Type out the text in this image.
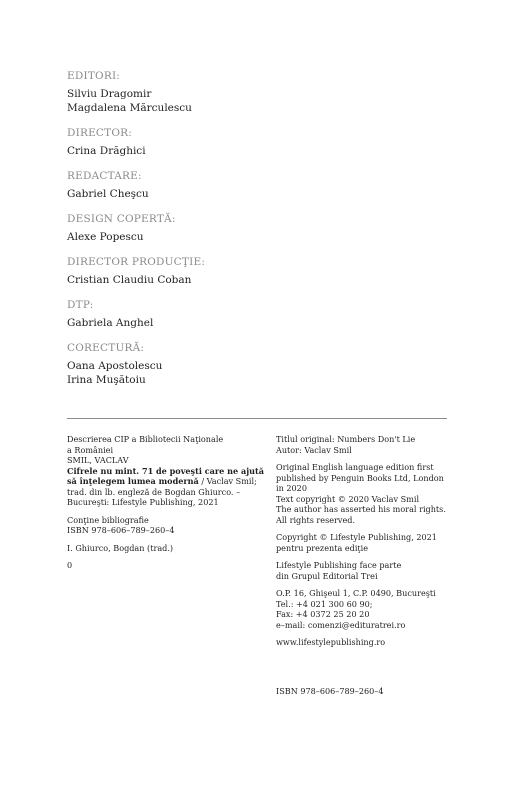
EDITORI:
Silviu Dragomir
Magdalena Mărculescu
DIRECTOR:
Crina Drăghici
REDACTARE:
Gabriel Cheşcu
DESIGN COPERTĂ:
Alexe Popescu
DIRECTOR PRODUCŢIE:
Cristian Claudiu Coban
DTP:
Gabriela Anghel
CORECTURĂ:
Oana Apostolescu
Irina Muşătoiu
Descrierea CIP a Bibliotecii Naţionale
a României
SMIL, VACLAV
Cifrele nu mint. 71 de poveşti care ne ajută
să înţelegem lumea modernă / Vaclav Smil;
trad. din lb. engleză de Bogdan Ghiurco. –
Bucureşti: Lifestyle Publishing, 2021
Conţine bibliografie
ISBN 978–606–789–260–4
I. Ghiurco, Bogdan (trad.)
0
Titlul original: Numbers Don't Lie
Autor: Vaclav Smil
Original English language edition first
published by Penguin Books Ltd, London
in 2020
Text copyright © 2020 Vaclav Smil
The author has asserted his moral rights.
All rights reserved.
Copyright © Lifestyle Publishing, 2021
pentru prezenta ediţie
Lifestyle Publishing face parte
din Grupul Editorial Trei
O.P. 16, Ghişeul 1, C.P. 0490, Bucureşti
Tel.: +4 021 300 60 90;
Fax: +4 0372 25 20 20
e–mail: comenzi@edituratrei.ro
www.lifestylepublishing.ro
ISBN 978–606–789–260–4
